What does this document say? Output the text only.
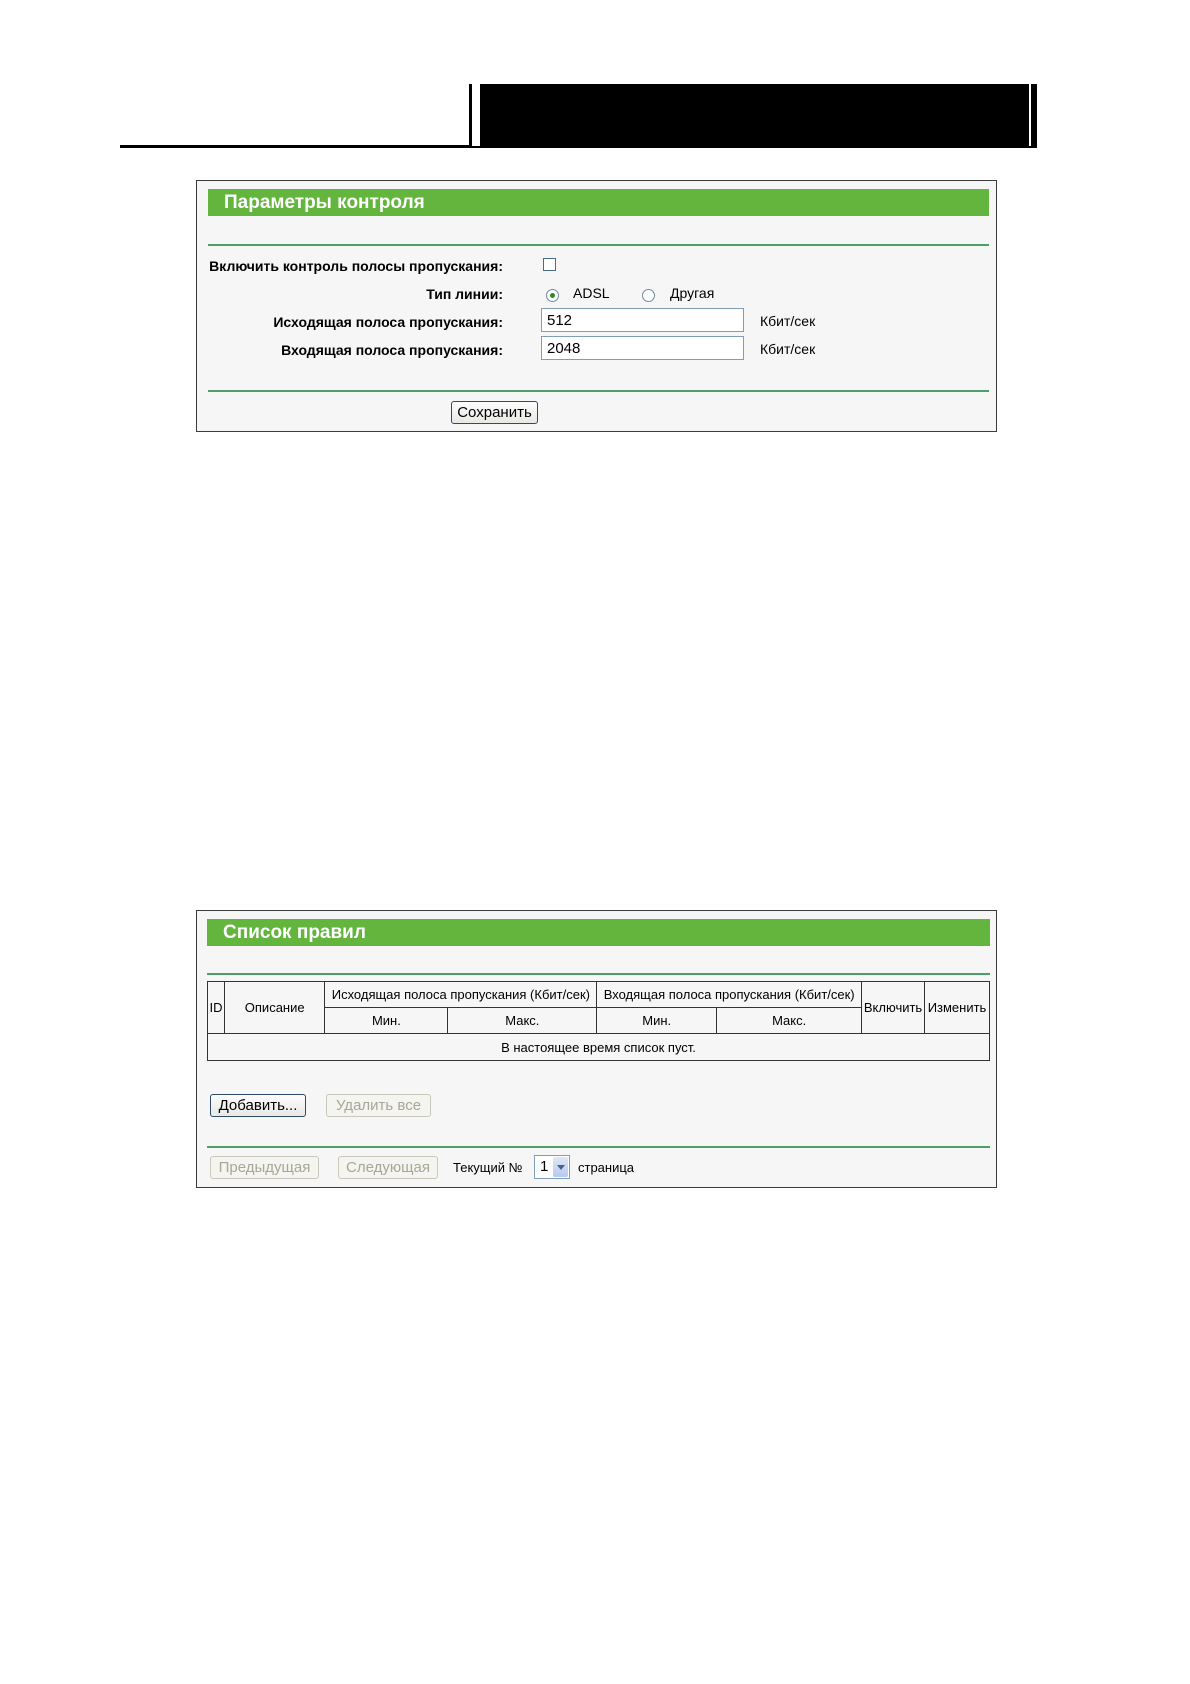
Параметры контроля
Включить контроль полосы пропускания:
Тип линии:	ADSL	Другая
Исходящая полоса пропускания:
512	Кбит/сек
Входящая полоса пропускания:
2048	Кбит/сек
Сохранить
Список правил
ID	Описание	Исходящая полоса пропускания (Кбит/сек)		Входящая полоса пропускания (Кбит/сек)		Включить	Изменить
		Мин.	Макс.	Мин.	Макс.		
В настоящее время список пуст.							
Добавить...	Удалить все
Предыдущая	Следующая	Текущий № 1 страница
